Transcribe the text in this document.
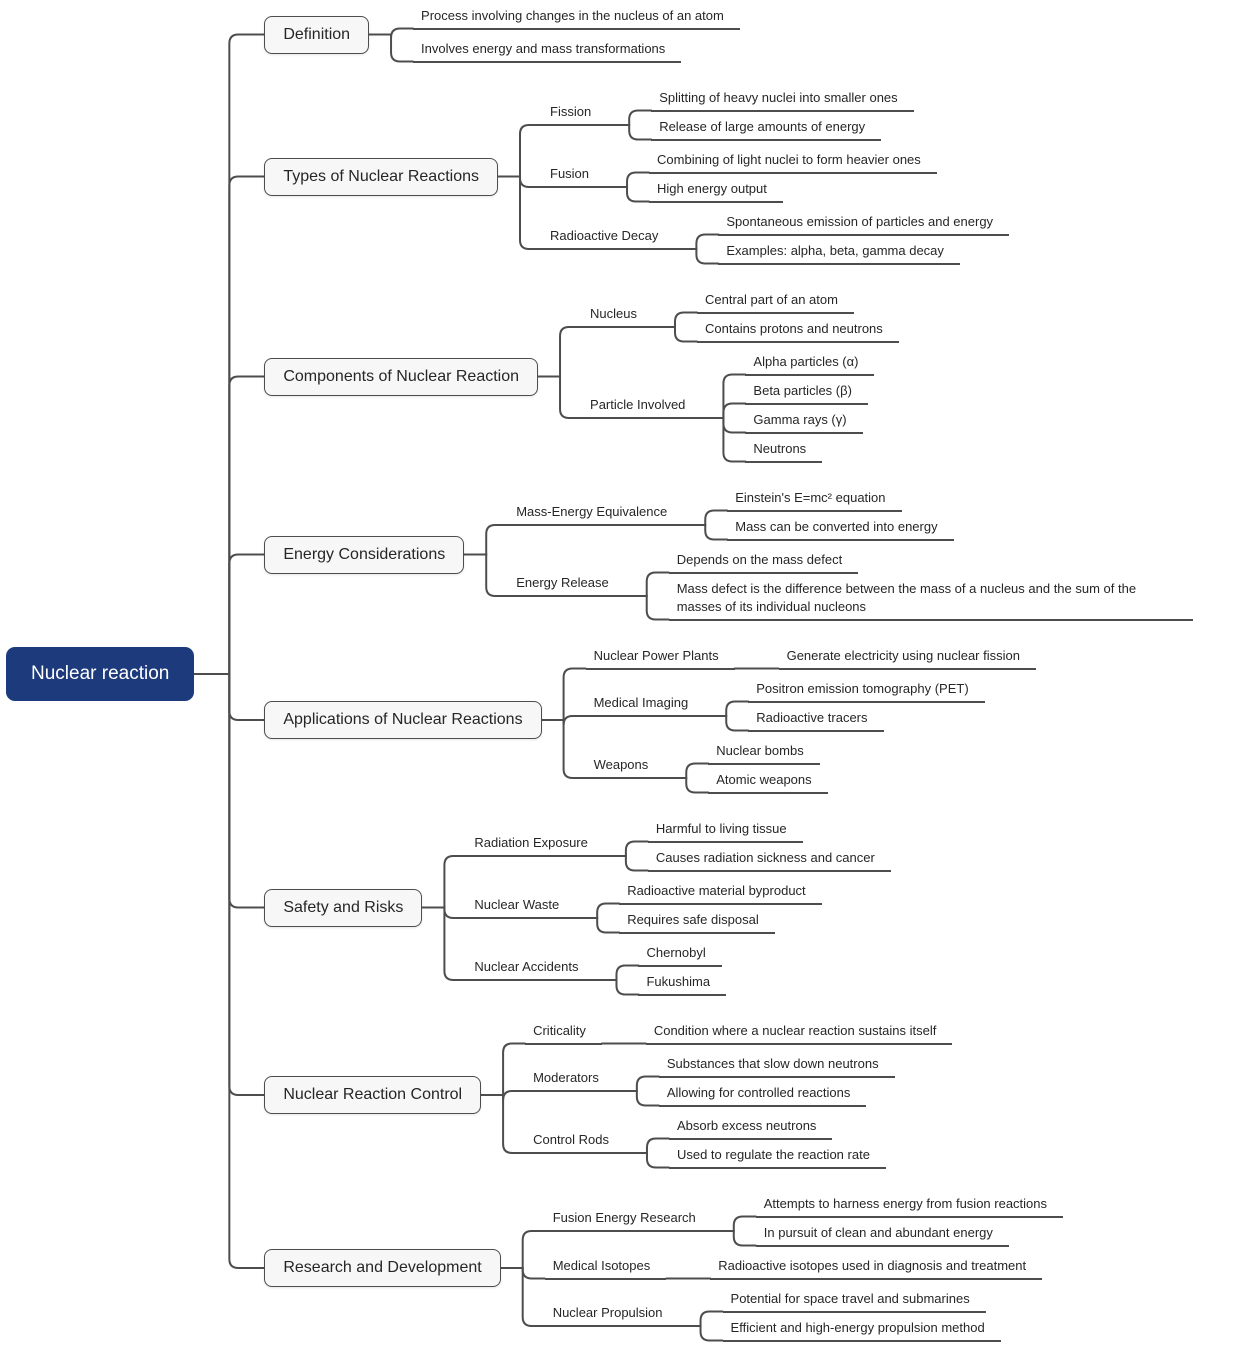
Nuclear reaction
Definition
Process involving changes in the nucleus of an atom
Involves energy and mass transformations
Types of Nuclear Reactions
Fission
Splitting of heavy nuclei into smaller ones
Release of large amounts of energy
Fusion
Combining of light nuclei to form heavier ones
High energy output
Radioactive Decay
Spontaneous emission of particles and energy
Examples: alpha, beta, gamma decay
Components of Nuclear Reaction
Nucleus
Central part of an atom
Contains protons and neutrons
Particle Involved
Alpha particles (α)
Beta particles (β)
Gamma rays (γ)
Neutrons
Energy Considerations
Mass-Energy Equivalence
Einstein's E=mc² equation
Mass can be converted into energy
Energy Release
Depends on the mass defect
Mass defect is the difference between the mass of a nucleus and the sum of the masses of its individual nucleons
Applications of Nuclear Reactions
Nuclear Power Plants	Generate electricity using nuclear fission
Medical Imaging
Positron emission tomography (PET)
Radioactive tracers
Weapons
Nuclear bombs
Atomic weapons
Safety and Risks
Radiation Exposure
Harmful to living tissue
Causes radiation sickness and cancer
Nuclear Waste
Radioactive material byproduct
Requires safe disposal
Nuclear Accidents
Chernobyl
Fukushima
Nuclear Reaction Control
Criticality	Condition where a nuclear reaction sustains itself
Moderators
Substances that slow down neutrons
Allowing for controlled reactions
Control Rods
Absorb excess neutrons
Used to regulate the reaction rate
Research and Development
Fusion Energy Research
Attempts to harness energy from fusion reactions
In pursuit of clean and abundant energy
Medical Isotopes	Radioactive isotopes used in diagnosis and treatment
Nuclear Propulsion
Potential for space travel and submarines
Efficient and high-energy propulsion method
